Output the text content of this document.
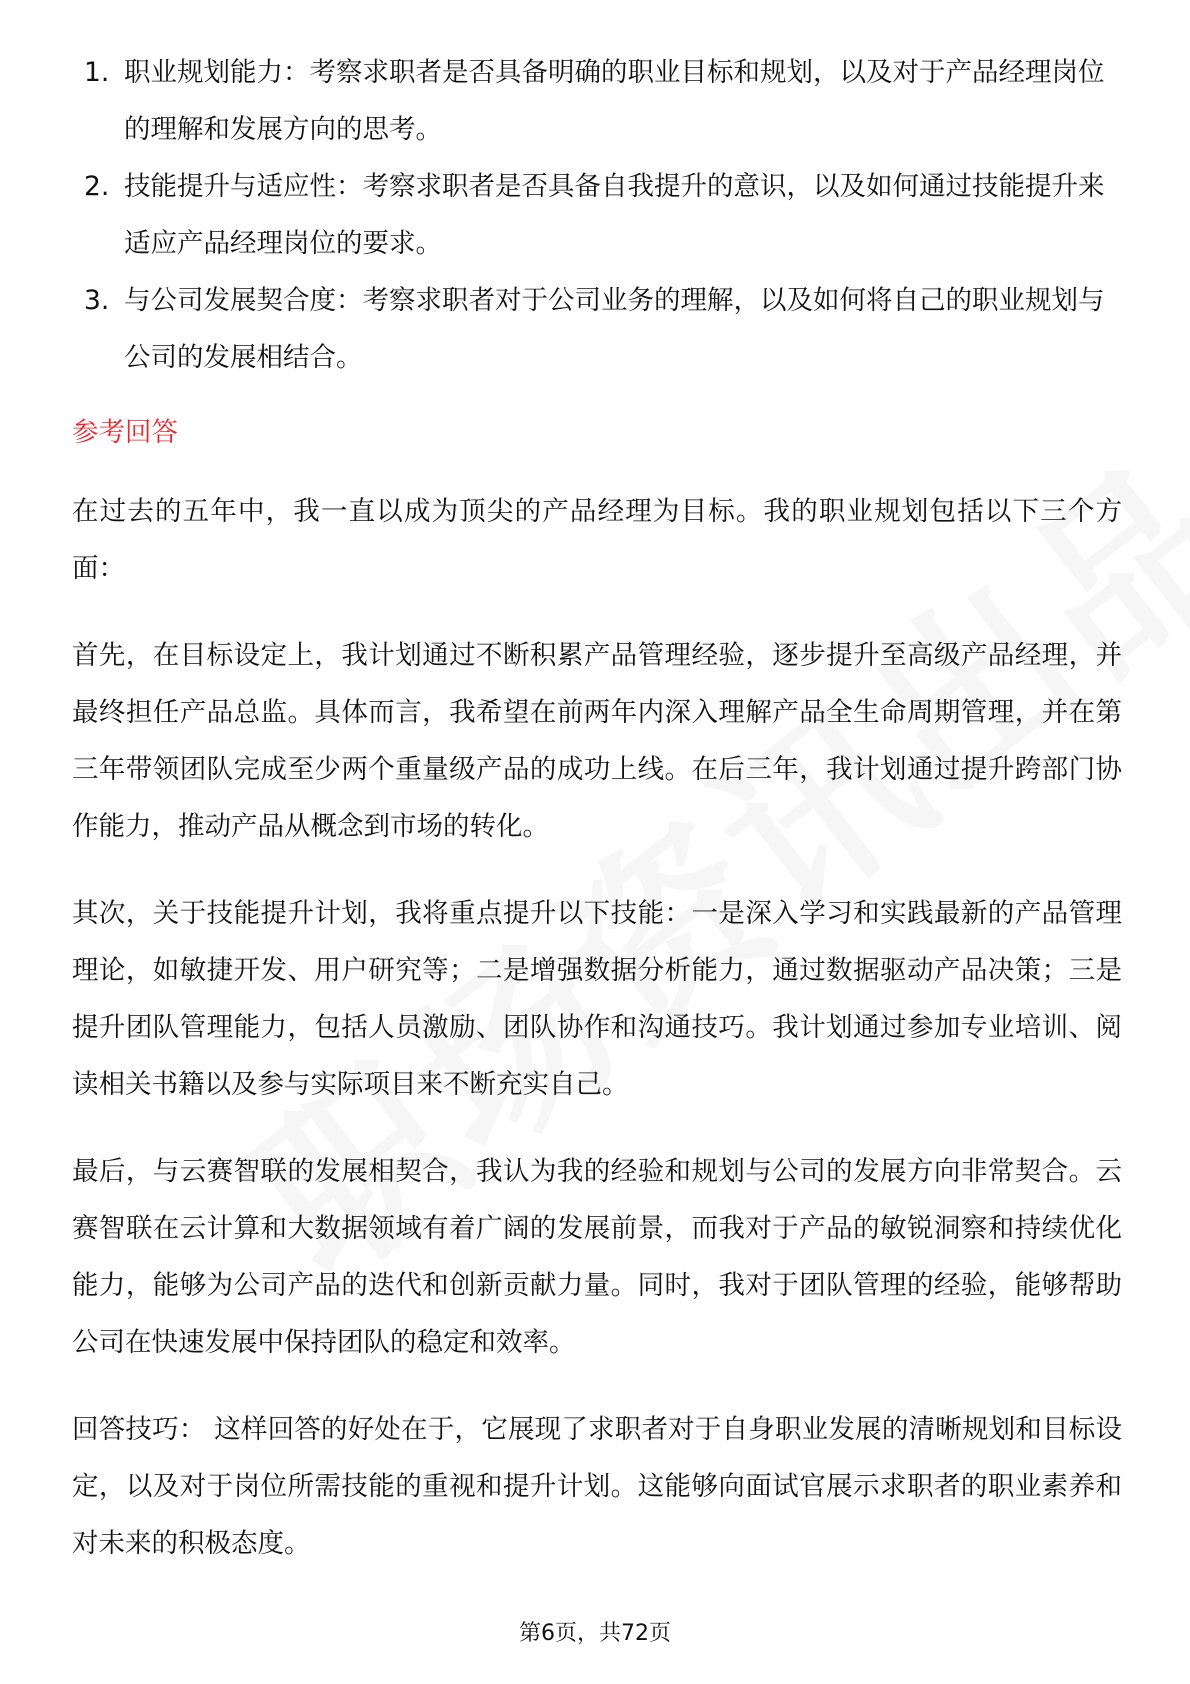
1. 职业规划能力：考察求职者是否具备明确的职业目标和规划，以及对于产品经理岗位的理解和发展方向的思考。
2. 技能提升与适应性：考察求职者是否具备自我提升的意识，以及如何通过技能提升来适应产品经理岗位的要求。
3. 与公司发展契合度：考察求职者对于公司业务的理解，以及如何将自己的职业规划与公司的发展相结合。
参考回答

在过去的五年中，我一直以成为顶尖的产品经理为目标。我的职业规划包括以下三个方面：

首先，在目标设定上，我计划通过不断积累产品管理经验，逐步提升至高级产品经理，并最终担任产品总监。具体而言，我希望在前两年内深入理解产品全生命周期管理，并在第三年带领团队完成至少两个重量级产品的成功上线。在后三年，我计划通过提升跨部门协作能力，推动产品从概念到市场的转化。

其次，关于技能提升计划，我将重点提升以下技能：一是深入学习和实践最新的产品管理理论，如敏捷开发、用户研究等；二是增强数据分析能力，通过数据驱动产品决策；三是提升团队管理能力，包括人员激励、团队协作和沟通技巧。我计划通过参加专业培训、阅读相关书籍以及参与实际项目来不断充实自己。

最后，与云赛智联的发展相契合，我认为我的经验和规划与公司的发展方向非常契合。云赛智联在云计算和大数据领域有着广阔的发展前景，而我对于产品的敏锐洞察和持续优化能力，能够为公司产品的迭代和创新贡献力量。同时，我对于团队管理的经验，能够帮助公司在快速发展中保持团队的稳定和效率。

回答技巧： 这样回答的好处在于，它展现了求职者对于自身职业发展的清晰规划和目标设定，以及对于岗位所需技能的重视和提升计划。这能够向面试官展示求职者的职业素养和对未来的积极态度。

第6页，共72页
